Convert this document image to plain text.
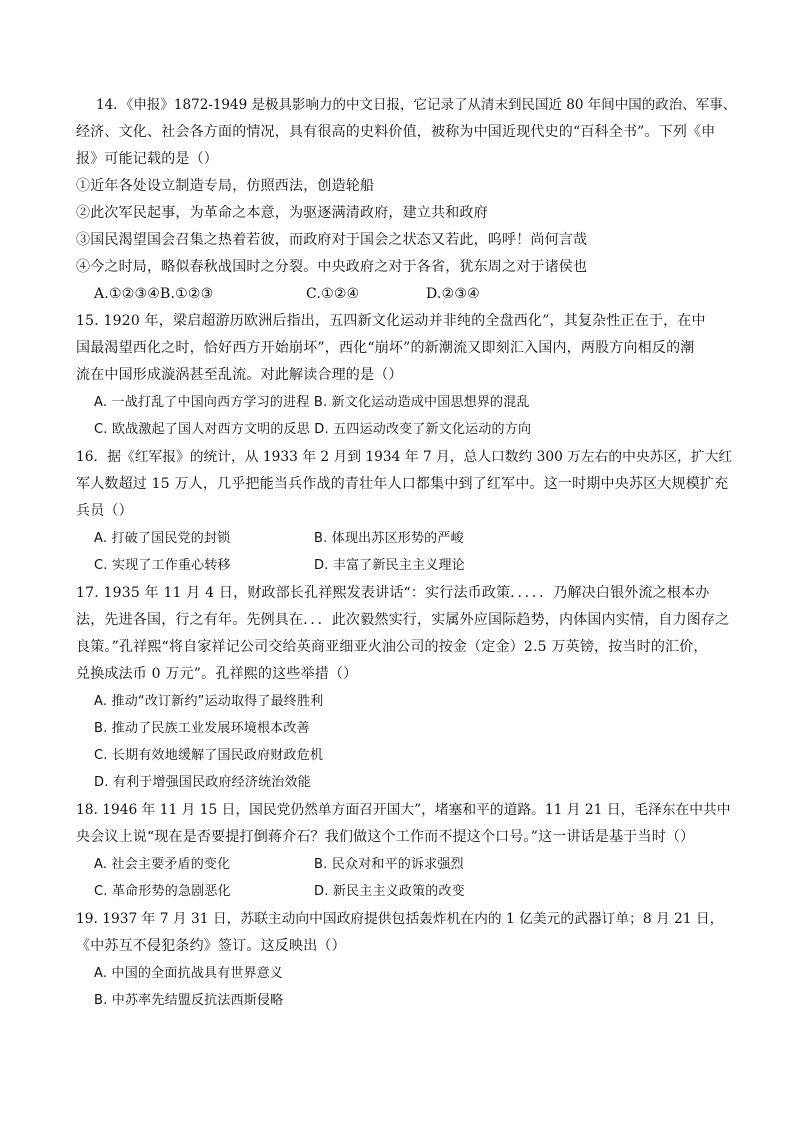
14．《申报》1872-1949 是极具影响力的中文日报，它记录了从清末到民国近 80 年间中国的政治、军事、
经济、文化、社会各方面的情况，具有很高的史料价值，被称为中国近现代史的“百科全书”。下列《申
报》可能记载的是（）
①近年各处设立制造专局，仿照西法，创造轮船
②此次军民起事，为革命之本意，为驱逐满清政府，建立共和政府
③国民渴望国会召集之热着若彼，而政府对于国会之状态又若此，呜呼！尚何言哉
④今之时局，略似春秋战国时之分裂。中央政府之对于各省，犹东周之对于诸侯也
A.①②③④B.①②③	C.①②④	D.②③④
15. 1920 年，梁启超游历欧洲后指出，五四新文化运动并非纯的全盘西化”，其复杂性正在于，在中
国最渴望西化之时，恰好西方开始崩坏”，西化“崩坏”的新潮流又即刻汇入国内，两股方向相反的潮
流在中国形成漩涡甚至乱流。对此解读合理的是（）
A. 一战打乱了中国向西方学习的进程 B. 新文化运动造成中国思想界的混乱
C. 欧战激起了国人对西方文明的反思 D. 五四运动改变了新文化运动的方向
16．据《红军报》的统计，从 1933 年 2 月到 1934 年 7 月，总人口数约 300 万左右的中央苏区，扩大红
军人数超过 15 万人，几乎把能当兵作战的青壮年人口都集中到了红军中。这一时期中央苏区大规模扩充
兵员（）
A. 打破了国民党的封锁	B. 体现出苏区形势的严峻
C. 实现了工作重心转移	D. 丰富了新民主主义理论
17. 1935 年 11 月 4 日，财政部长孔祥熙发表讲话“：实行法币政策．．．．．乃解决白银外流之根本办
法，先进各国，行之有年。先例具在．．．此次毅然实行，实属外应国际趋势，内体国内实情，自力图存之
良策。”孔祥熙“将自家祥记公司交给英商亚细亚火油公司的按金（定金）2.5 万英镑，按当时的汇价，
兑换成法币 0 万元”。孔祥熙的这些举措（）
A. 推动“改订新约”运动取得了最终胜利
B. 推动了民族工业发展环境根本改善
C. 长期有效地缓解了国民政府财政危机
D. 有利于增强国民政府经济统治效能
18. 1946 年 11 月 15 日，国民党仍然单方面召开国大”，堵塞和平的道路。11 月 21 日，毛泽东在中共中
央会议上说“现在是否要提打倒蒋介石？我们做这个工作而不提这个口号。”这一讲话是基于当时（）
A. 社会主要矛盾的变化	B. 民众对和平的诉求强烈
C. 革命形势的急剧恶化	D. 新民主主义政策的改变
19. 1937 年 7 月 31 日，苏联主动向中国政府提供包括轰炸机在内的 1 亿美元的武器订单；8 月 21 日，
《中苏互不侵犯条约》签订。这反映出（）
A. 中国的全面抗战具有世界意义
B. 中苏率先结盟反抗法西斯侵略
